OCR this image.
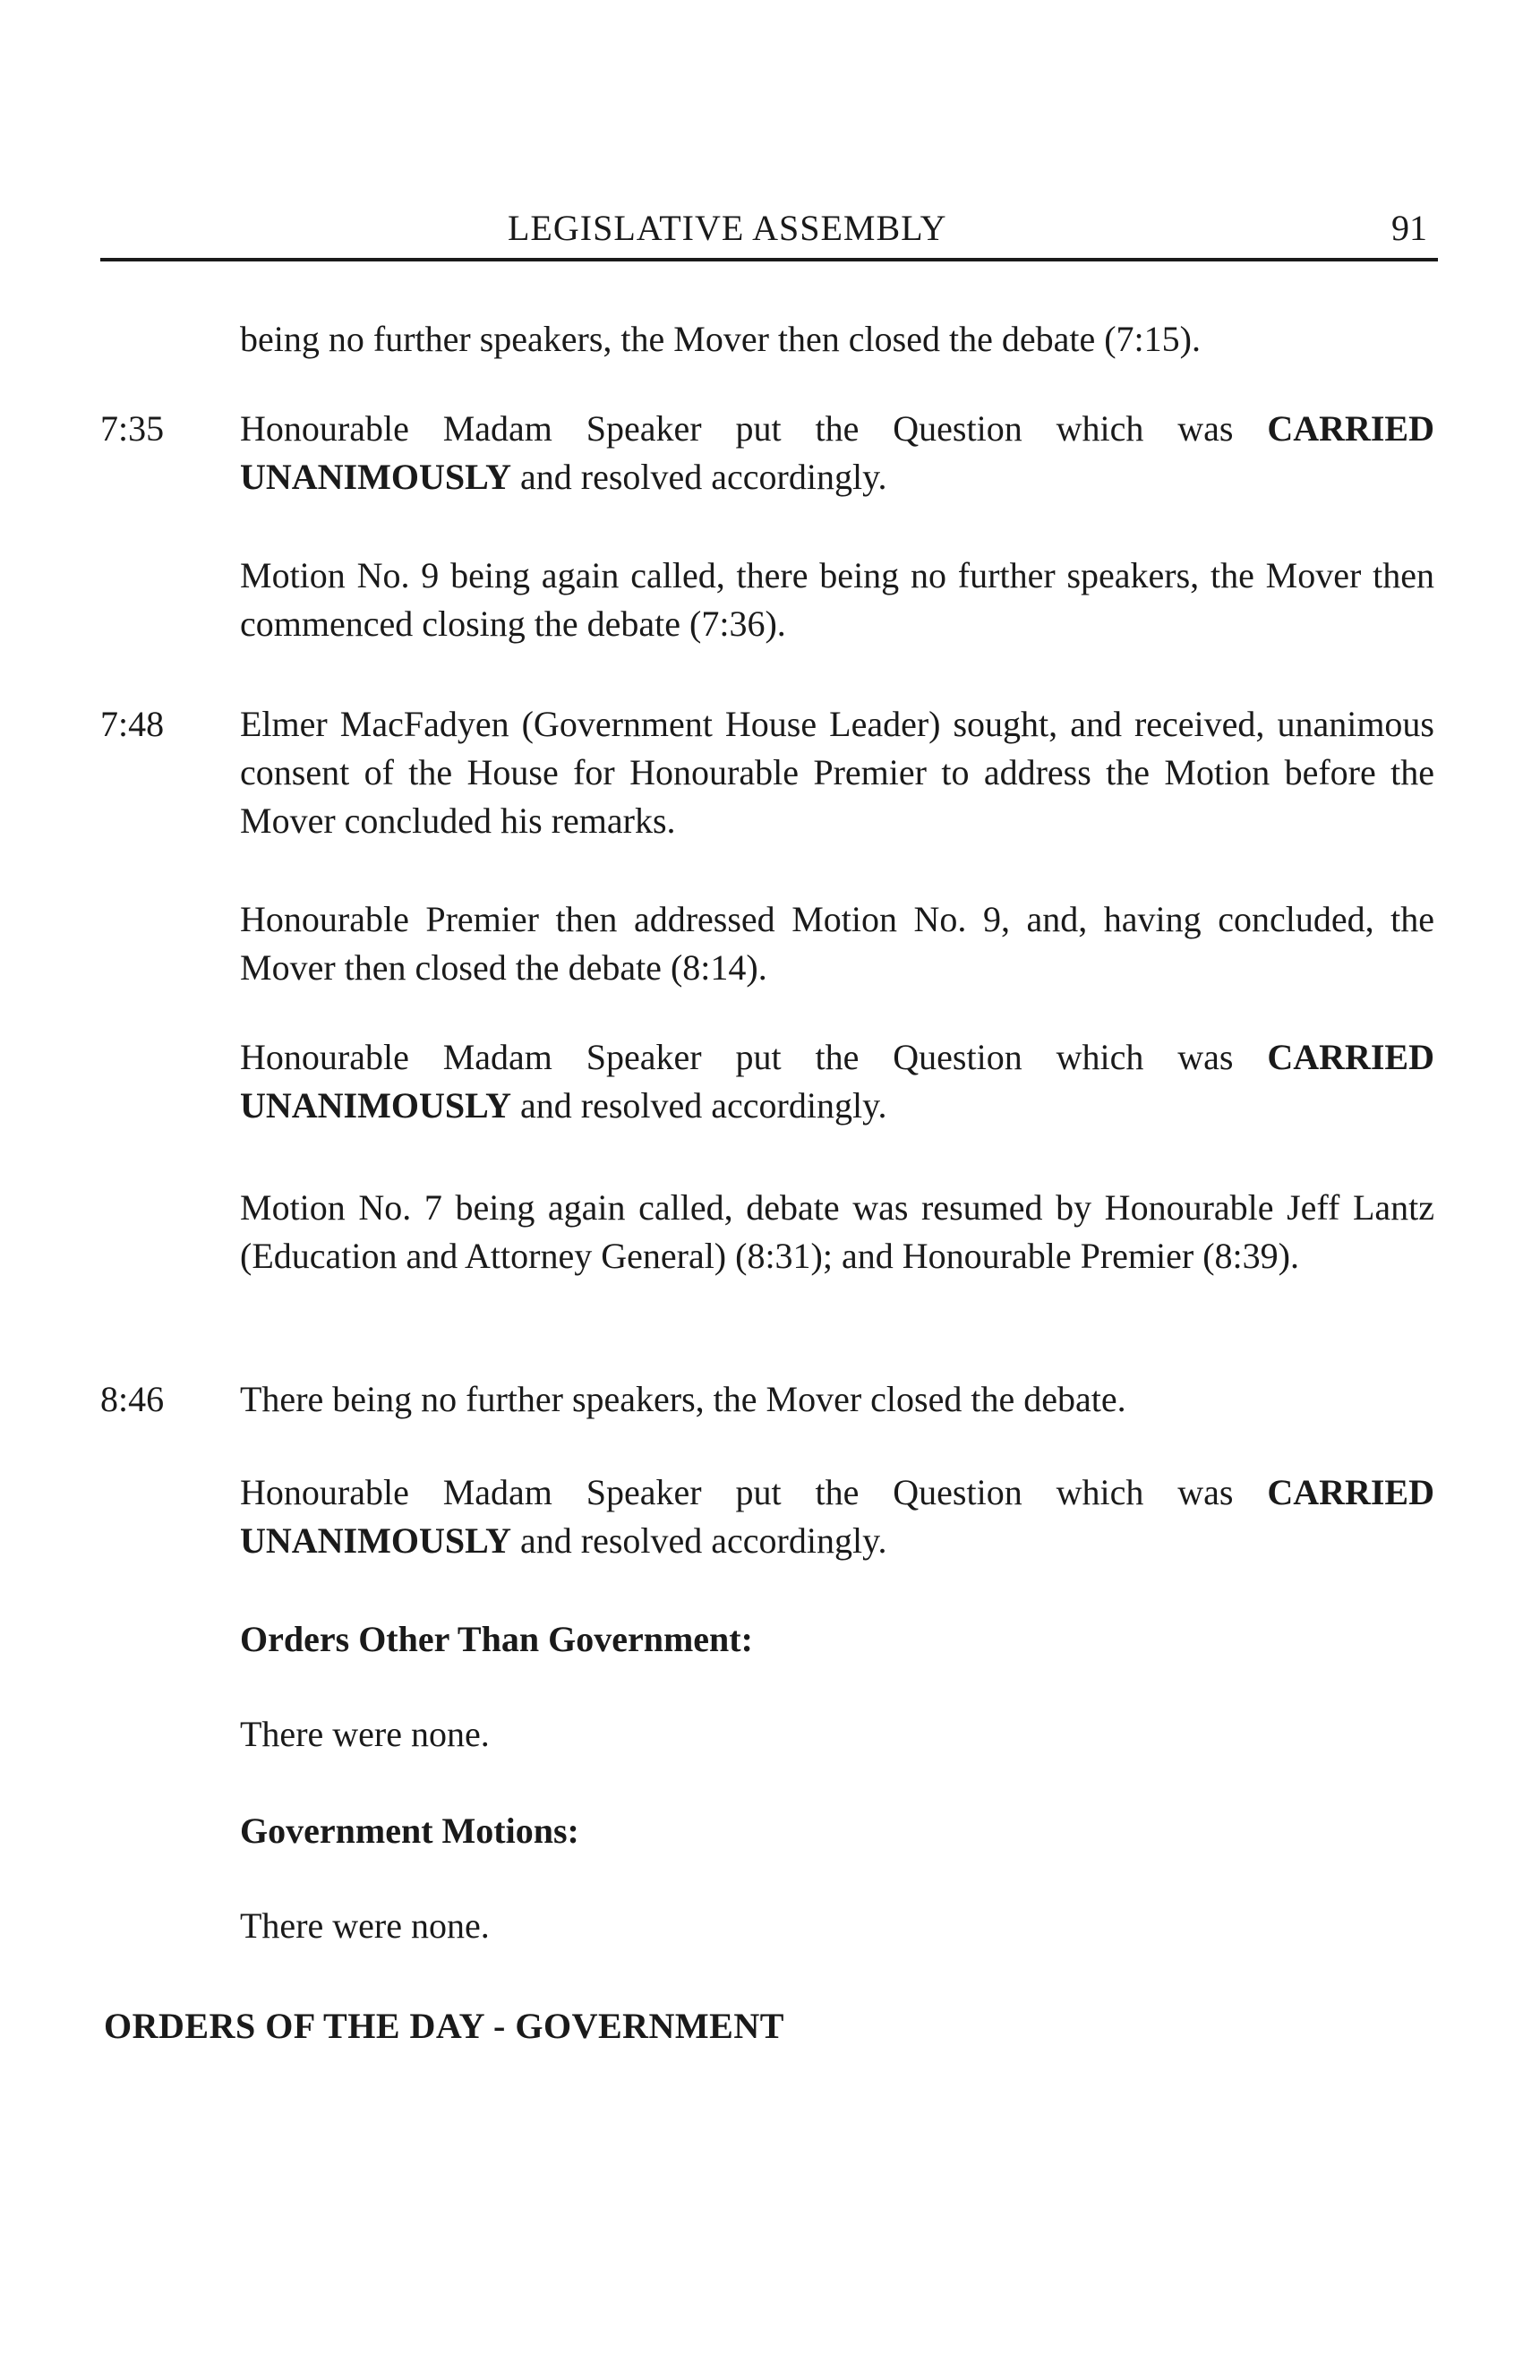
LEGISLATIVE ASSEMBLY	91
being no further speakers, the Mover then closed the debate (7:15).
7:35 Honourable Madam Speaker put the Question which was CARRIED UNANIMOUSLY and resolved accordingly.
Motion No. 9 being again called, there being no further speakers, the Mover then commenced closing the debate (7:36).
7:48 Elmer MacFadyen (Government House Leader) sought, and received, unanimous consent of the House for Honourable Premier to address the Motion before the Mover concluded his remarks.
Honourable Premier then addressed Motion No. 9, and, having concluded, the Mover then closed the debate (8:14).
Honourable Madam Speaker put the Question which was CARRIED UNANIMOUSLY and resolved accordingly.
Motion No. 7 being again called, debate was resumed by Honourable Jeff Lantz (Education and Attorney General) (8:31); and Honourable Premier (8:39).
8:46 There being no further speakers, the Mover closed the debate.
Honourable Madam Speaker put the Question which was CARRIED UNANIMOUSLY and resolved accordingly.
Orders Other Than Government:
There were none.
Government Motions:
There were none.
ORDERS OF THE DAY - GOVERNMENT
